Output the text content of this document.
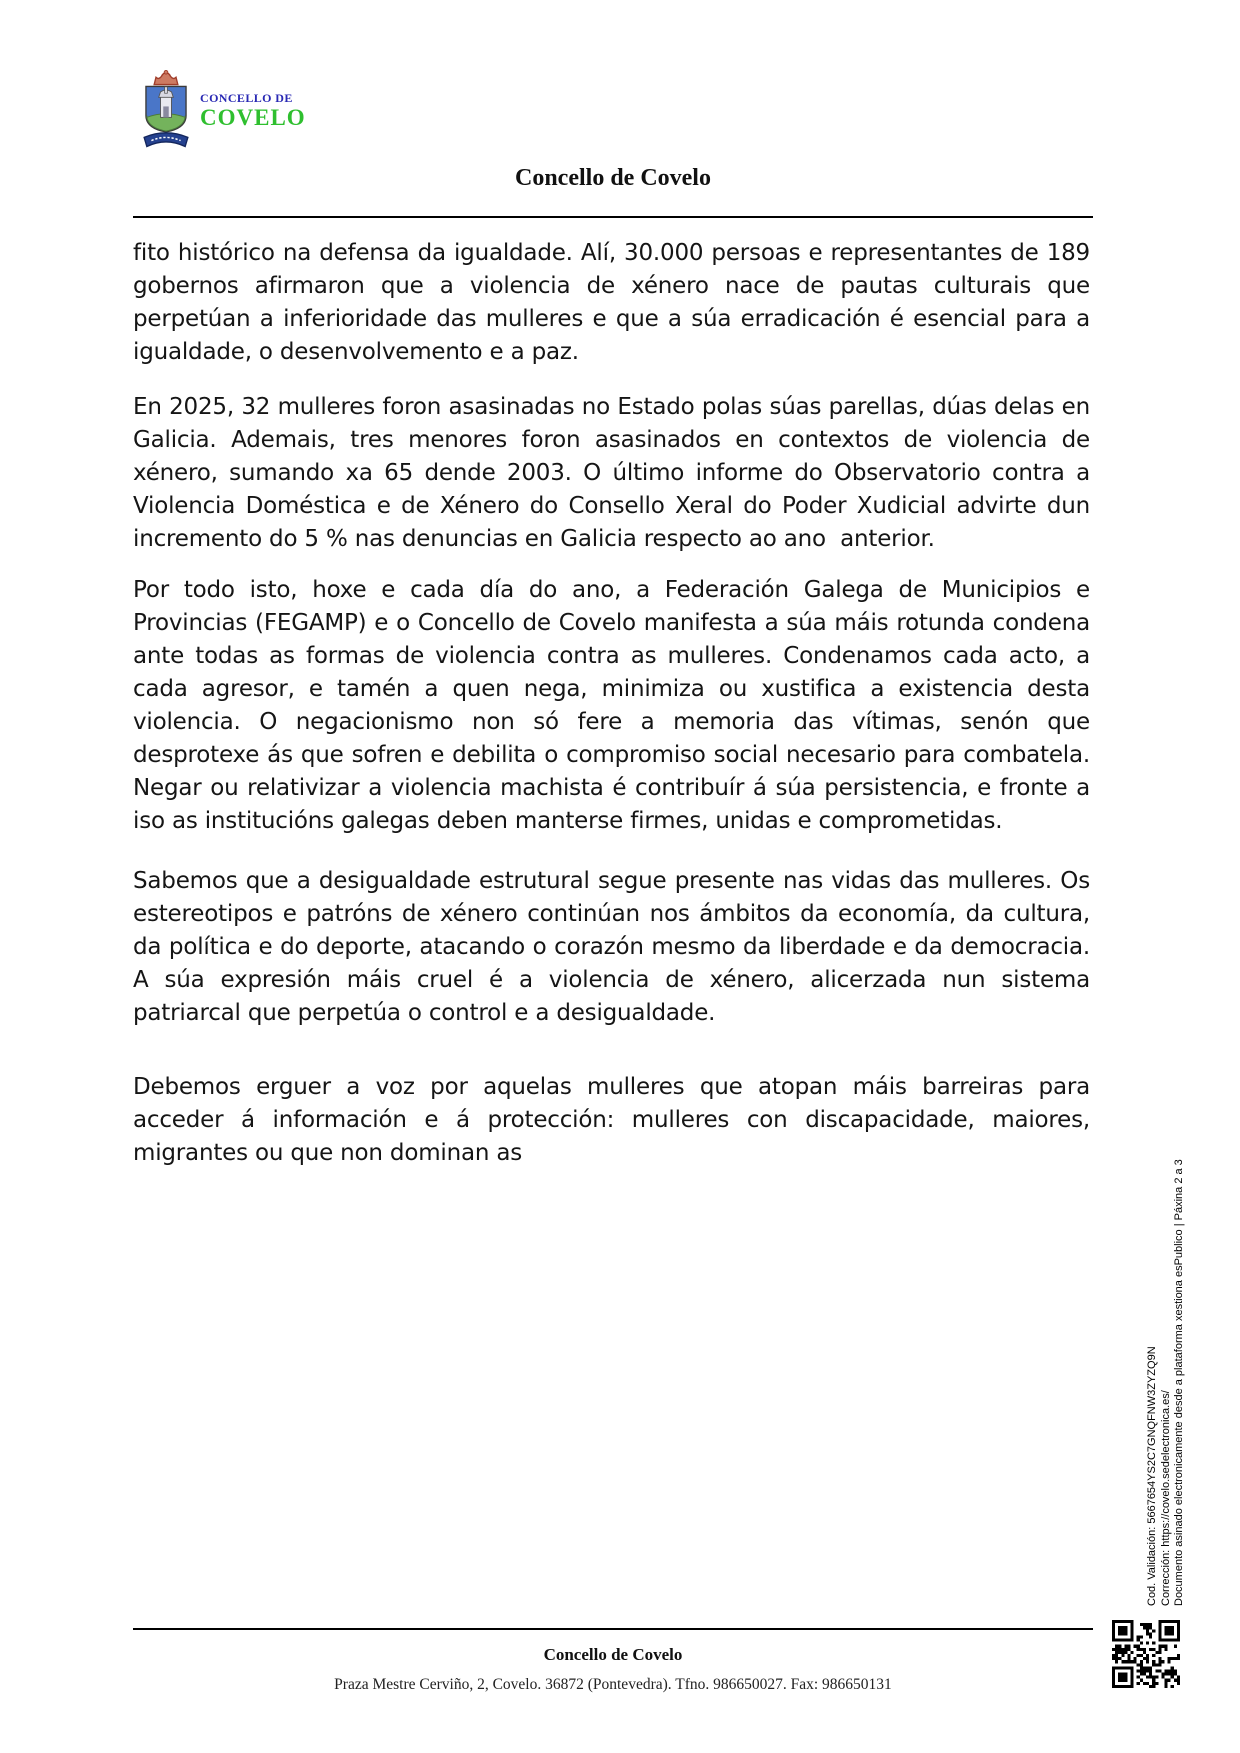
CONCELLO DE
COVELO
Concello de Covelo

fito histórico na defensa da igualdade. Alí, 30.000 persoas e representantes de 189 gobernos afirmaron que a violencia de xénero nace de pautas culturais que perpetúan a inferioridade das mulleres e que a súa erradicación é esencial para a igualdade, o desenvolvemento e a paz.

En 2025, 32 mulleres foron asasinadas no Estado polas súas parellas, dúas delas en Galicia. Ademais, tres menores foron asasinados en contextos de violencia de xénero, sumando xa 65 dende 2003. O último informe do Observatorio contra a Violencia Doméstica e de Xénero do Consello Xeral do Poder Xudicial advirte dun incremento do 5 % nas denuncias en Galicia respecto ao ano  anterior.

Por todo isto, hoxe e cada día do ano, a Federación Galega de Municipios e Provincias (FEGAMP) e o Concello de Covelo manifesta a súa máis rotunda condena ante todas as formas de violencia contra as mulleres. Condenamos cada acto, a cada agresor, e tamén a quen nega, minimiza ou xustifica a existencia desta violencia. O negacionismo non só fere a memoria das vítimas, senón que desprotexe ás que sofren e debilita o compromiso social necesario para combatela. Negar ou relativizar a violencia machista é contribuír á súa persistencia, e fronte a iso as institucións galegas deben manterse firmes, unidas e comprometidas.

Sabemos que a desigualdade estrutural segue presente nas vidas das mulleres. Os estereotipos e patróns de xénero continúan nos ámbitos da economía, da cultura, da política e do deporte, atacando o corazón mesmo da liberdade e da democracia. A súa expresión máis cruel é a violencia de xénero, alicerzada nun sistema patriarcal que perpetúa o control e a desigualdade.

Debemos erguer a voz por aquelas mulleres que atopan máis barreiras para acceder á información e á protección: mulleres con discapacidade, maiores, migrantes ou que non dominan as

Cod. Validación: 5667654YS2C7GNQFNW3ZYZQ9N Corrección: https://covelo.sedelectronica.es/ Documento asinado electronicamente desde a plataforma xestiona esPublico | Páxina 2 a 3
Concello de Covelo
Praza Mestre Cerviño, 2, Covelo. 36872 (Pontevedra). Tfno. 986650027. Fax: 986650131
